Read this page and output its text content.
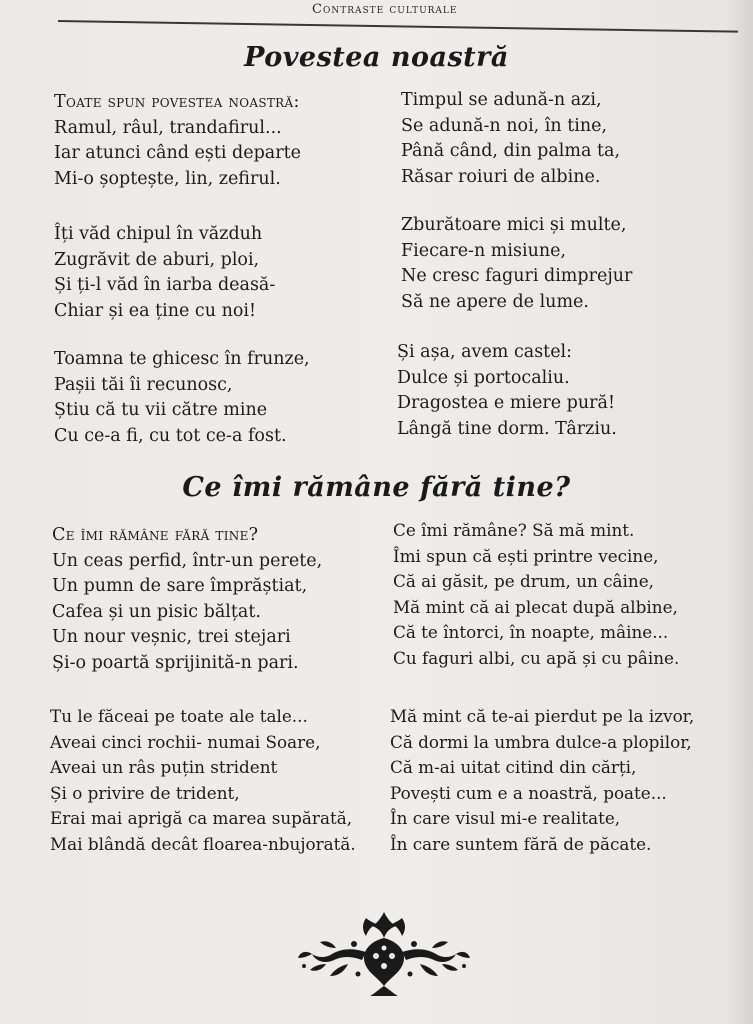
Contraste culturale
Povestea noastră
Toate spun povestea noastră:
Ramul, râul, trandafirul...
Iar atunci când ești departe
Mi-o șoptește, lin, zefirul.
Îți văd chipul în văzduh
Zugrăvit de aburi, ploi,
Și ți-l văd în iarba deasă-
Chiar și ea ține cu noi!
Toamna te ghicesc în frunze,
Pașii tăi îi recunosc,
Știu că tu vii către mine
Cu ce-a fi, cu tot ce-a fost.
Timpul se adună-n azi,
Se adună-n noi, în tine,
Până când, din palma ta,
Răsar roiuri de albine.
Zburătoare mici și multe,
Fiecare-n misiune,
Ne cresc faguri dimprejur
Să ne apere de lume.
Și așa, avem castel:
Dulce și portocaliu.
Dragostea e miere pură!
Lângă tine dorm. Târziu.
Ce îmi rămâne fără tine?
Ce îmi rămâne fără tine?
Un ceas perfid, într-un perete,
Un pumn de sare împrăștiat,
Cafea și un pisic bălțat.
Un nour veșnic, trei stejari
Și-o poartă sprijinită-n pari.
Tu le făceai pe toate ale tale...
Aveai cinci rochii- numai Soare,
Aveai un râs puțin strident
Și o privire de trident,
Erai mai aprigă ca marea supărată,
Mai blândă decât floarea-nbujorată.
Ce îmi rămâne? Să mă mint.
Îmi spun că ești printre vecine,
Că ai găsit, pe drum, un câine,
Mă mint că ai plecat după albine,
Că te întorci, în noapte, mâine...
Cu faguri albi, cu apă și cu pâine.
Mă mint că te-ai pierdut pe la izvor,
Că dormi la umbra dulce-a plopilor,
Că m-ai uitat citind din cărți,
Povești cum e a noastră, poate...
În care visul mi-e realitate,
În care suntem fără de păcate.
